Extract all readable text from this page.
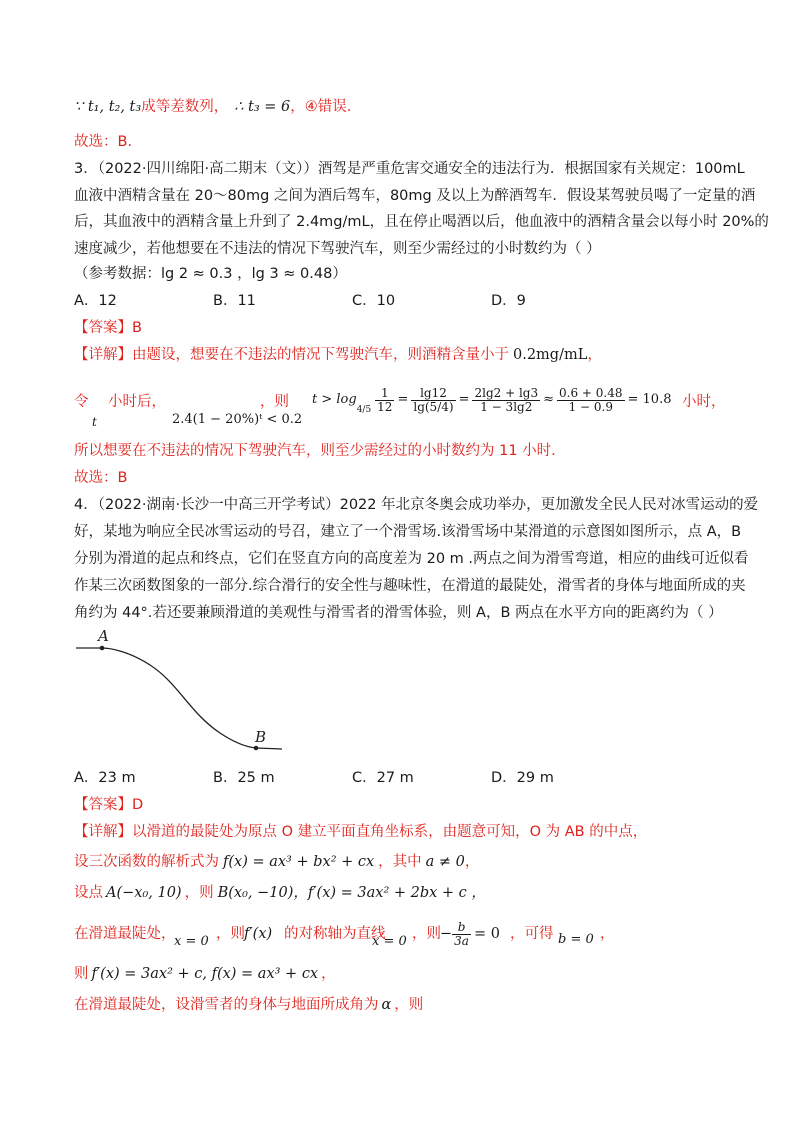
∵ t₁, t₂, t₃成等差数列， ∴ t₃ = 6，④错误.
故选：B.
3．（2022·四川绵阳·高二期末（文））酒驾是严重危害交通安全的违法行为．根据国家有关规定：100mL
血液中酒精含量在 20～80mg 之间为酒后驾车，80mg 及以上为醉酒驾车．假设某驾驶员喝了一定量的酒
后，其血液中的酒精含量上升到了 2.4mg/mL，且在停止喝酒以后，他血液中的酒精含量会以每小时 20%的
速度减少，若他想要在不违法的情况下驾驶汽车，则至少需经过的小时数约为（ ）
（参考数据：lg 2 ≈ 0.3 ，lg 3 ≈ 0.48）
A．12	B．11	C．10	D．9
【答案】B
【详解】由题设，想要在不违法的情况下驾驶汽车，则酒精含量小于 0.2mg/mL，
令 小时后，
t	2.4(1 − 20%)ᵗ < 0.2
，则 t > log
$4/5 \frac{1}{12} = \frac{\lg 12}{\lg(5/4)} = \frac{2\lg 2 + \lg 3}{1 - 3\lg 2} \approx \frac{0.6 + 0.48}{1 - 0.9} = 10.8$ 小时，
所以想要在不违法的情况下驾驶汽车，则至少需经过的小时数约为 11 小时.
故选：B
4．（2022·湖南·长沙一中高三开学考试）2022 年北京冬奥会成功举办，更加激发全民人民对冰雪运动的爱
好，某地为响应全民冰雪运动的号召，建立了一个滑雪场.该滑雪场中某滑道的示意图如图所示，点 A，B
分别为滑道的起点和终点，它们在竖直方向的高度差为 20 m .两点之间为滑雪弯道，相应的曲线可近似看
作某三次函数图象的一部分.综合滑行的安全性与趣味性，在滑道的最陡处，滑雪者的身体与地面所成的夹
角约为 44°.若还要兼顾滑道的美观性与滑雪者的滑雪体验，则 A，B 两点在水平方向的距离约为（ ）
A
B
A．23 m	B．25 m	C．27 m	D．29 m
【答案】D
【详解】以滑道的最陡处为原点 O 建立平面直角坐标系，由题意可知，O 为 AB 的中点，
设三次函数的解析式为 f(x) = ax³ + bx² + cx ，其中 a ≠ 0，
设点 A(−x₀, 10) ，则 B(x₀, −10)，f′(x) = 3ax² + 2bx + c ，
在滑道最陡处，
x = 0 ，则 f′(x) 的对称轴为直线
x = 0 ，则 − $\frac{b}{3a} = 0$ ，可得 b = 0 ，
则 f′(x) = 3ax² + c, f(x) = ax³ + cx ，
在滑道最陡处，设滑雪者的身体与地面所成角为 α ，则
